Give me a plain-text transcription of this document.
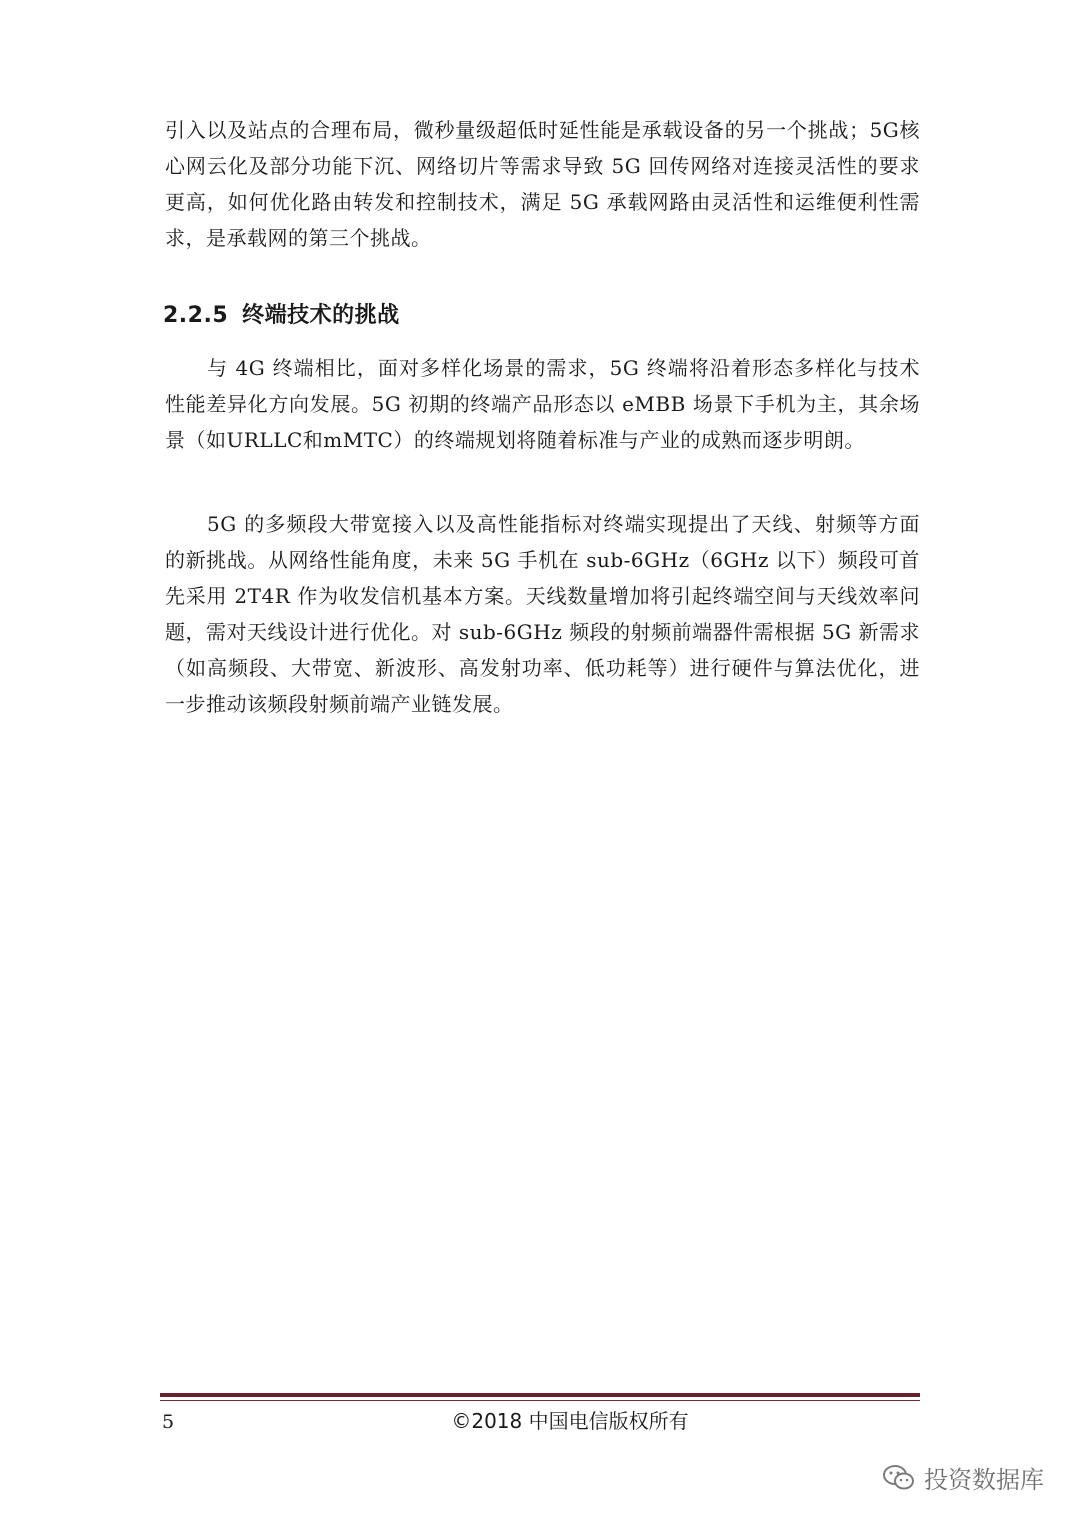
引入以及站点的合理布局，微秒量级超低时延性能是承载设备的另一个挑战；5G核心网云化及部分功能下沉、网络切片等需求导致 5G 回传网络对连接灵活性的要求更高，如何优化路由转发和控制技术，满足 5G 承载网路由灵活性和运维便利性需求，是承载网的第三个挑战。

2.2.5 终端技术的挑战

与 4G 终端相比，面对多样化场景的需求，5G 终端将沿着形态多样化与技术性能差异化方向发展。5G 初期的终端产品形态以 eMBB 场景下手机为主，其余场景（如URLLC和mMTC）的终端规划将随着标准与产业的成熟而逐步明朗。

5G 的多频段大带宽接入以及高性能指标对终端实现提出了天线、射频等方面的新挑战。从网络性能角度，未来 5G 手机在 sub-6GHz（6GHz 以下）频段可首先采用 2T4R 作为收发信机基本方案。天线数量增加将引起终端空间与天线效率问题，需对天线设计进行优化。对 sub-6GHz 频段的射频前端器件需根据 5G 新需求（如高频段、大带宽、新波形、高发射功率、低功耗等）进行硬件与算法优化，进一步推动该频段射频前端产业链发展。

5	©2018 中国电信版权所有
投资数据库
